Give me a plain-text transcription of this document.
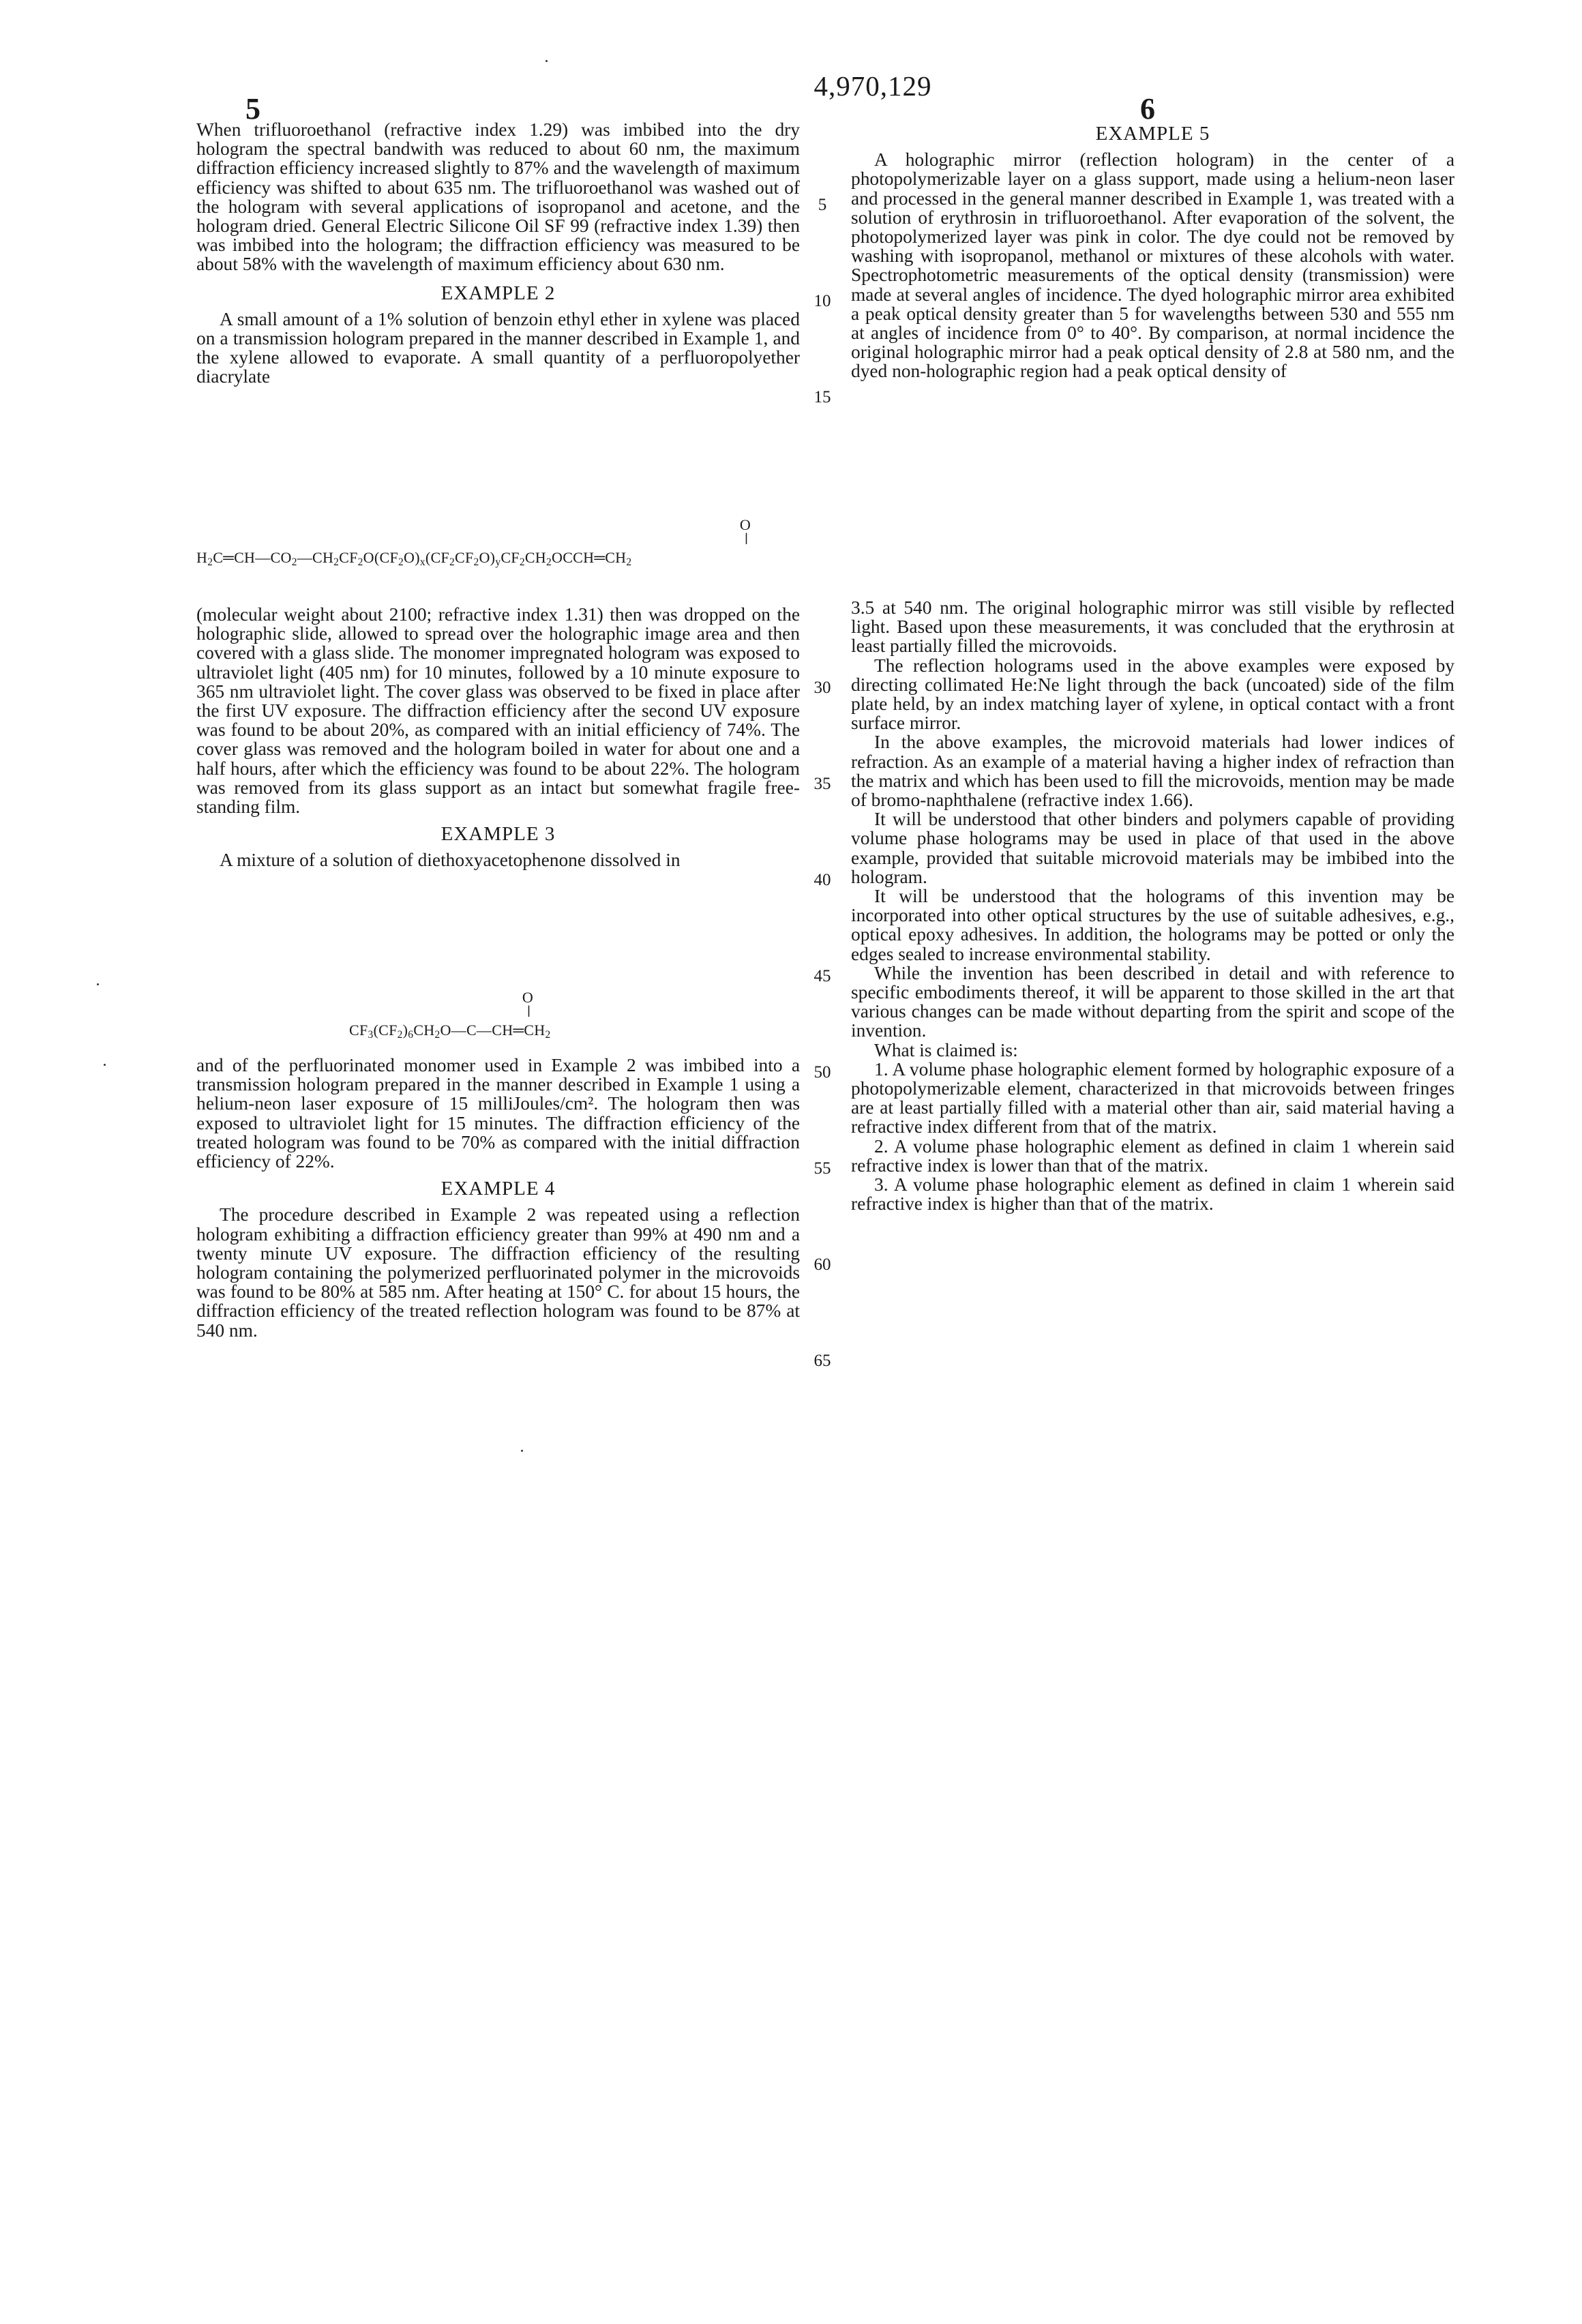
4,970,129
5	6

When trifluoroethanol (refractive index 1.29) was imbibed into the dry hologram the spectral bandwith was reduced to about 60 nm, the maximum diffraction efficiency increased slightly to 87% and the wavelength of maximum efficiency was shifted to about 635 nm. The trifluoroethanol was washed out of the hologram with several applications of isopropanol and acetone, and the hologram dried. General Electric Silicone Oil SF 99 (refractive index 1.39) then was imbibed into the hologram; the diffraction efficiency was measured to be about 58% with the wavelength of maximum efficiency about 630 nm.

EXAMPLE 2

A small amount of a 1% solution of benzoin ethyl ether in xylene was placed on a transmission hologram prepared in the manner described in Example 1, and the xylene allowed to evaporate. A small quantity of a perfluoropolyether diacrylate

$H_2C═CH—CO_2—CH_2CF_2O(CF_2O)_x(CF_2CF_2O)_yCF_2CH_2OCCH═CH_2$
O
||

(molecular weight about 2100; refractive index 1.31) then was dropped on the holographic slide, allowed to spread over the holographic image area and then covered with a glass slide. The monomer impregnated hologram was exposed to ultraviolet light (405 nm) for 10 minutes, followed by a 10 minute exposure to 365 nm ultraviolet light. The cover glass was observed to be fixed in place after the first UV exposure. The diffraction efficiency after the second UV exposure was found to be about 20%, as compared with an initial efficiency of 74%. The cover glass was removed and the hologram boiled in water for about one and a half hours, after which the efficiency was found to be about 22%. The hologram was removed from its glass support as an intact but somewhat fragile free-standing film.

EXAMPLE 3

A mixture of a solution of diethoxyacetophenone dissolved in

$CF_3(CF_2)_6CH_2O—C—CH═CH_2$
O
||

and of the perfluorinated monomer used in Example 2 was imbibed into a transmission hologram prepared in the manner described in Example 1 using a helium-neon laser exposure of 15 milliJoules/cm². The hologram then was exposed to ultraviolet light for 15 minutes. The diffraction efficiency of the treated hologram was found to be 70% as compared with the initial diffraction efficiency of 22%.

EXAMPLE 4

The procedure described in Example 2 was repeated using a reflection hologram exhibiting a diffraction efficiency greater than 99% at 490 nm and a twenty minute UV exposure. The diffraction efficiency of the resulting hologram containing the polymerized perfluorinated polymer in the microvoids was found to be 80% at 585 nm. After heating at 150° C. for about 15 hours, the diffraction efficiency of the treated reflection hologram was found to be 87% at 540 nm.

EXAMPLE 5

A holographic mirror (reflection hologram) in the center of a photopolymerizable layer on a glass support, made using a helium-neon laser and processed in the general manner described in Example 1, was treated with a solution of erythrosin in trifluoroethanol. After evaporation of the solvent, the photopolymerized layer was pink in color. The dye could not be removed by washing with isopropanol, methanol or mixtures of these alcohols with water. Spectrophotometric measurements of the optical density (transmission) were made at several angles of incidence. The dyed holographic mirror area exhibited a peak optical density greater than 5 for wavelengths between 530 and 555 nm at angles of incidence from 0° to 40°. By comparison, at normal incidence the original holographic mirror had a peak optical density of 2.8 at 580 nm, and the dyed non-holographic region had a peak optical density of

3.5 at 540 nm. The original holographic mirror was still visible by reflected light. Based upon these measurements, it was concluded that the erythrosin at least partially filled the microvoids.

The reflection holograms used in the above examples were exposed by directing collimated He:Ne light through the back (uncoated) side of the film plate held, by an index matching layer of xylene, in optical contact with a front surface mirror.

In the above examples, the microvoid materials had lower indices of refraction. As an example of a material having a higher index of refraction than the matrix and which has been used to fill the microvoids, mention may be made of bromo-naphthalene (refractive index 1.66).

It will be understood that other binders and polymers capable of providing volume phase holograms may be used in place of that used in the above example, provided that suitable microvoid materials may be imbibed into the hologram.

It will be understood that the holograms of this invention may be incorporated into other optical structures by the use of suitable adhesives, e.g., optical epoxy adhesives. In addition, the holograms may be potted or only the edges sealed to increase environmental stability.

While the invention has been described in detail and with reference to specific embodiments thereof, it will be apparent to those skilled in the art that various changes can be made without departing from the spirit and scope of the invention.

What is claimed is:

1. A volume phase holographic element formed by holographic exposure of a photopolymerizable element, characterized in that microvoids between fringes are at least partially filled with a material other than air, said material having a refractive index different from that of the matrix.

2. A volume phase holographic element as defined in claim 1 wherein said refractive index is lower than that of the matrix.

3. A volume phase holographic element as defined in claim 1 wherein said refractive index is higher than that of the matrix.

5
10
15
30
35
40
45
50
55
60
65
